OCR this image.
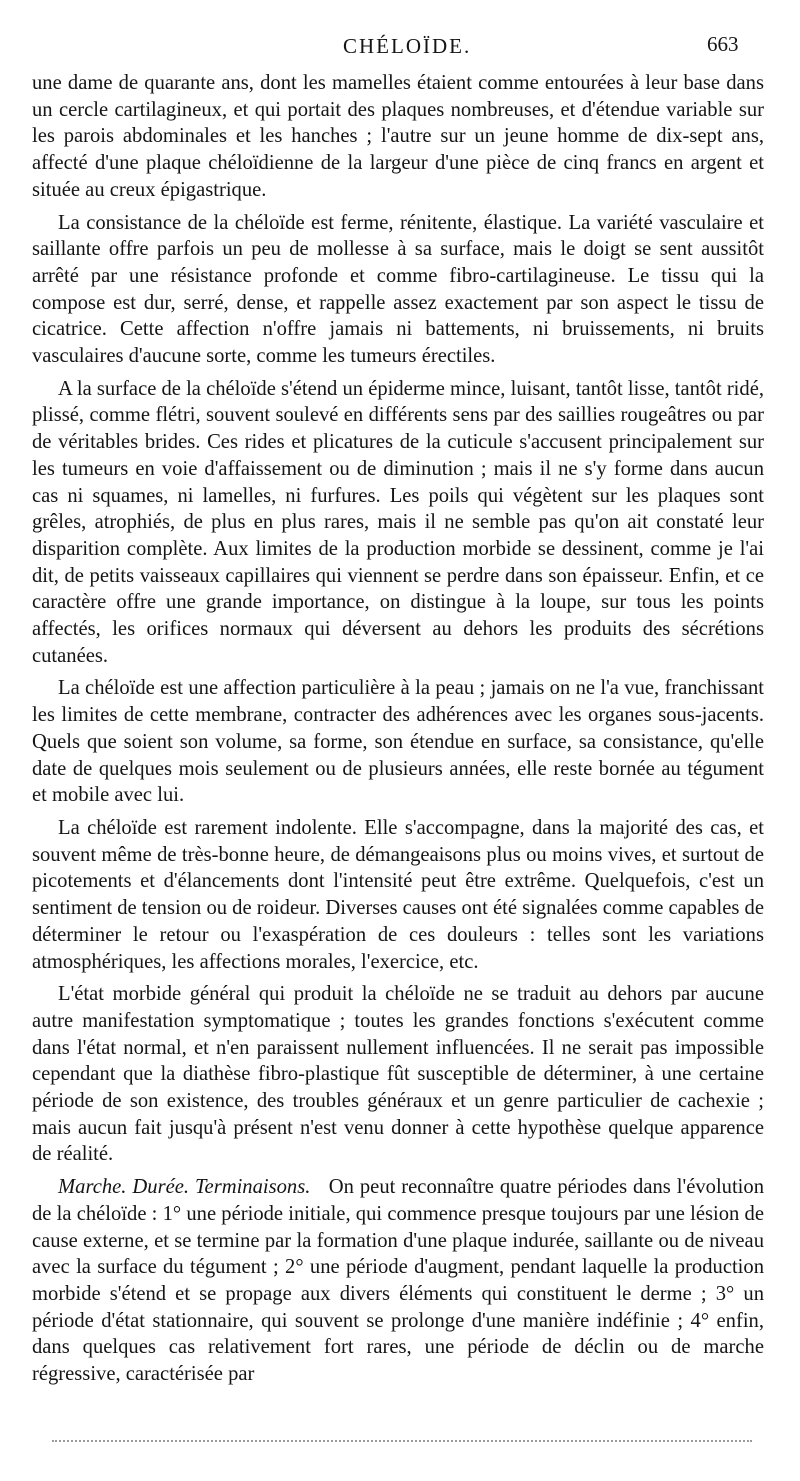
CHÉLOÏDE.	663

une dame de quarante ans, dont les mamelles étaient comme entourées à leur base dans un cercle cartilagineux, et qui portait des plaques nombreuses, et d'étendue variable sur les parois abdominales et les hanches ; l'autre sur un jeune homme de dix-sept ans, affecté d'une plaque chéloïdienne de la largeur d'une pièce de cinq francs en argent et située au creux épigastrique.

La consistance de la chéloïde est ferme, rénitente, élastique. La variété vasculaire et saillante offre parfois un peu de mollesse à sa surface, mais le doigt se sent aussitôt arrêté par une résistance profonde et comme fibro-cartilagineuse. Le tissu qui la compose est dur, serré, dense, et rappelle assez exactement par son aspect le tissu de cicatrice. Cette affection n'offre jamais ni battements, ni bruissements, ni bruits vasculaires d'aucune sorte, comme les tumeurs érectiles.

A la surface de la chéloïde s'étend un épiderme mince, luisant, tantôt lisse, tantôt ridé, plissé, comme flétri, souvent soulevé en différents sens par des saillies rougeâtres ou par de véritables brides. Ces rides et plicatures de la cuticule s'accusent principalement sur les tumeurs en voie d'affaissement ou de diminution ; mais il ne s'y forme dans aucun cas ni squames, ni lamelles, ni furfures. Les poils qui végètent sur les plaques sont grêles, atrophiés, de plus en plus rares, mais il ne semble pas qu'on ait constaté leur disparition complète. Aux limites de la production morbide se dessinent, comme je l'ai dit, de petits vaisseaux capillaires qui viennent se perdre dans son épaisseur. Enfin, et ce caractère offre une grande importance, on distingue à la loupe, sur tous les points affectés, les orifices normaux qui déversent au dehors les produits des sécrétions cutanées.

La chéloïde est une affection particulière à la peau ; jamais on ne l'a vue, franchissant les limites de cette membrane, contracter des adhérences avec les organes sous-jacents. Quels que soient son volume, sa forme, son étendue en surface, sa consistance, qu'elle date de quelques mois seulement ou de plusieurs années, elle reste bornée au tégument et mobile avec lui.

La chéloïde est rarement indolente. Elle s'accompagne, dans la majorité des cas, et souvent même de très-bonne heure, de démangeaisons plus ou moins vives, et surtout de picotements et d'élancements dont l'intensité peut être extrême. Quelquefois, c'est un sentiment de tension ou de roideur. Diverses causes ont été signalées comme capables de déterminer le retour ou l'exaspération de ces douleurs : telles sont les variations atmosphériques, les affections morales, l'exercice, etc.

L'état morbide général qui produit la chéloïde ne se traduit au dehors par aucune autre manifestation symptomatique ; toutes les grandes fonctions s'exécutent comme dans l'état normal, et n'en paraissent nullement influencées. Il ne serait pas impossible cependant que la diathèse fibro-plastique fût susceptible de déterminer, à une certaine période de son existence, des troubles généraux et un genre particulier de cachexie ; mais aucun fait jusqu'à présent n'est venu donner à cette hypothèse quelque apparence de réalité.

Marche. Durée. Terminaisons. On peut reconnaître quatre périodes dans l'évolution de la chéloïde : 1° une période initiale, qui commence presque toujours par une lésion de cause externe, et se termine par la formation d'une plaque indurée, saillante ou de niveau avec la surface du tégument ; 2° une période d'augment, pendant laquelle la production morbide s'étend et se propage aux divers éléments qui constituent le derme ; 3° un période d'état stationnaire, qui souvent se prolonge d'une manière indéfinie ; 4° enfin, dans quelques cas relativement fort rares, une période de déclin ou de marche régressive, caractérisée par
